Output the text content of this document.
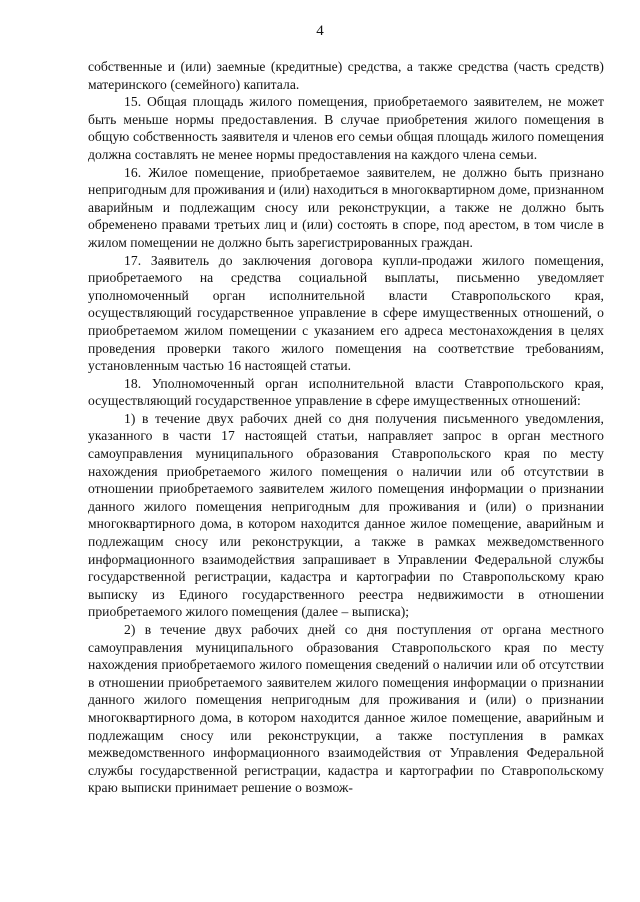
4

собственные и (или) заемные (кредитные) средства, а также средства (часть средств) материнского (семейного) капитала.

15. Общая площадь жилого помещения, приобретаемого заявителем, не может быть меньше нормы предоставления. В случае приобретения жилого помещения в общую собственность заявителя и членов его семьи общая площадь жилого помещения должна составлять не менее нормы предоставления на каждого члена семьи.

16. Жилое помещение, приобретаемое заявителем, не должно быть признано непригодным для проживания и (или) находиться в многоквартирном доме, признанном аварийным и подлежащим сносу или реконструкции, а также не должно быть обременено правами третьих лиц и (или) состоять в споре, под арестом, в том числе в жилом помещении не должно быть зарегистрированных граждан.

17. Заявитель до заключения договора купли-продажи жилого помещения, приобретаемого на средства социальной выплаты, письменно уведомляет уполномоченный орган исполнительной власти Ставропольского края, осуществляющий государственное управление в сфере имущественных отношений, о приобретаемом жилом помещении с указанием его адреса местонахождения в целях проведения проверки такого жилого помещения на соответствие требованиям, установленным частью 16 настоящей статьи.

18. Уполномоченный орган исполнительной власти Ставропольского края, осуществляющий государственное управление в сфере имущественных отношений:

1) в течение двух рабочих дней со дня получения письменного уведомления, указанного в части 17 настоящей статьи, направляет запрос в орган местного самоуправления муниципального образования Ставропольского края по месту нахождения приобретаемого жилого помещения о наличии или об отсутствии в отношении приобретаемого заявителем жилого помещения информации о признании данного жилого помещения непригодным для проживания и (или) о признании многоквартирного дома, в котором находится данное жилое помещение, аварийным и подлежащим сносу или реконструкции, а также в рамках межведомственного информационного взаимодействия запрашивает в Управлении Федеральной службы государственной регистрации, кадастра и картографии по Ставропольскому краю выписку из Единого государственного реестра недвижимости в отношении приобретаемого жилого помещения (далее – выписка);

2) в течение двух рабочих дней со дня поступления от органа местного самоуправления муниципального образования Ставропольского края по месту нахождения приобретаемого жилого помещения сведений о наличии или об отсутствии в отношении приобретаемого заявителем жилого помещения информации о признании данного жилого помещения непригодным для проживания и (или) о признании многоквартирного дома, в котором находится данное жилое помещение, аварийным и подлежащим сносу или реконструкции, а также поступления в рамках межведомственного информационного взаимодействия от Управления Федеральной службы государственной регистрации, кадастра и картографии по Ставропольскому краю выписки принимает решение о возмож-
